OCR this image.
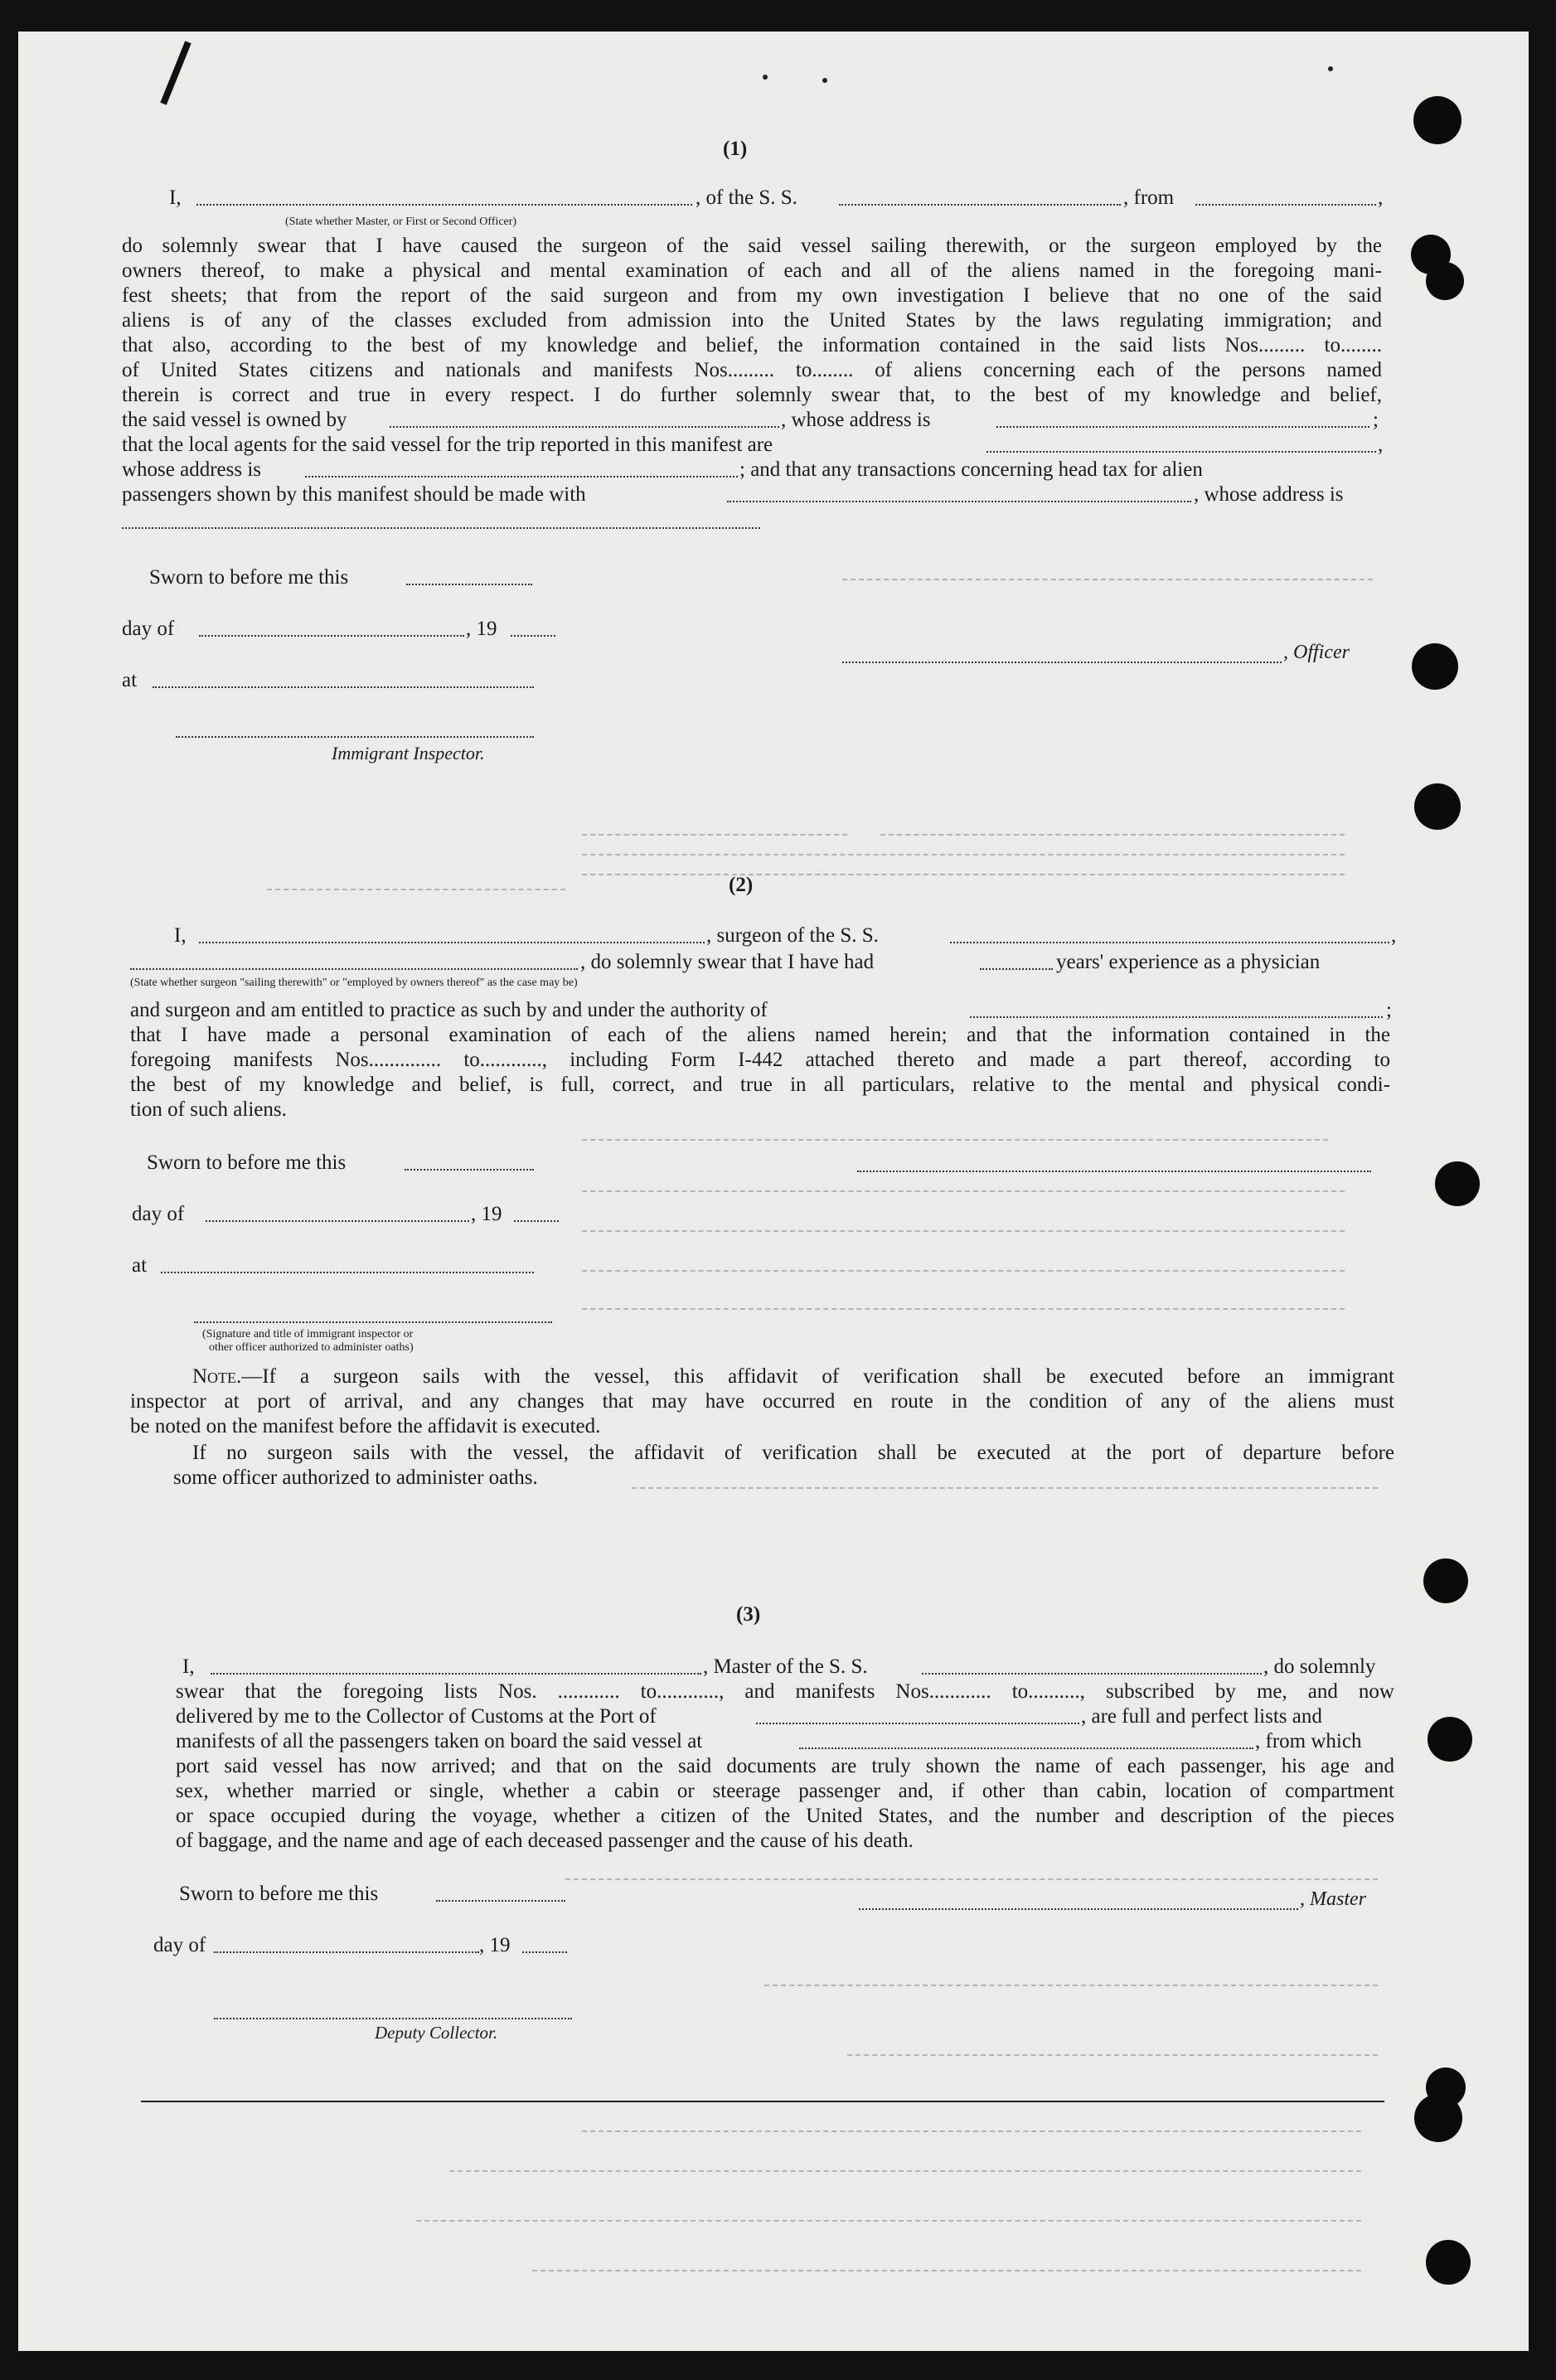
(1)
I,	, of the S. S.	, from	,
(State whether Master, or First or Second Officer)
do solemnly swear that I have caused the surgeon of the said vessel sailing therewith, or the surgeon employed by the
owners thereof, to make a physical and mental examination of each and all of the aliens named in the foregoing mani-
fest sheets; that from the report of the said surgeon and from my own investigation I believe that no one of the said
aliens is of any of the classes excluded from admission into the United States by the laws regulating immigration; and
that also, according to the best of my knowledge and belief, the information contained in the said lists Nos......... to........
of United States citizens and nationals and manifests Nos......... to........ of aliens concerning each of the persons named
therein is correct and true in every respect. I do further solemnly swear that, to the best of my knowledge and belief,
the said vessel is owned by	, whose address is	;
that the local agents for the said vessel for the trip reported in this manifest are	,
whose address is	; and that any transactions concerning head tax for alien
passengers shown by this manifest should be made with	, whose address is
Sworn to before me this
day of	, 19
at
Immigrant Inspector.
, Officer
(2)
I,	, surgeon of the S. S.	,
, do solemnly swear that I have had	years' experience as a physician
(State whether surgeon "sailing therewith" or "employed by owners thereof" as the case may be)
and surgeon and am entitled to practice as such by and under the authority of	;
that I have made a personal examination of each of the aliens named herein; and that the information contained in the
foregoing manifests Nos.............. to............, including Form I-442 attached thereto and made a part thereof, according to
the best of my knowledge and belief, is full, correct, and true in all particulars, relative to the mental and physical condi-
tion of such aliens.
Sworn to before me this
day of	, 19
at
(Signature and title of immigrant inspector or
other officer authorized to administer oaths)
Note.—If a surgeon sails with the vessel, this affidavit of verification shall be executed before an immigrant
inspector at port of arrival, and any changes that may have occurred en route in the condition of any of the aliens must
be noted on the manifest before the affidavit is executed.
If no surgeon sails with the vessel, the affidavit of verification shall be executed at the port of departure before
some officer authorized to administer oaths.
(3)
I,	, Master of the S. S.	, do solemnly
swear that the foregoing lists Nos. ............ to............, and manifests Nos............ to.........., subscribed by me, and now
delivered by me to the Collector of Customs at the Port of	, are full and perfect lists and
manifests of all the passengers taken on board the said vessel at	, from which
port said vessel has now arrived; and that on the said documents are truly shown the name of each passenger, his age and
sex, whether married or single, whether a cabin or steerage passenger and, if other than cabin, location of compartment
or space occupied during the voyage, whether a citizen of the United States, and the number and description of the pieces
of baggage, and the name and age of each deceased passenger and the cause of his death.
Sworn to before me this
day of	, 19
Deputy Collector.
, Master
